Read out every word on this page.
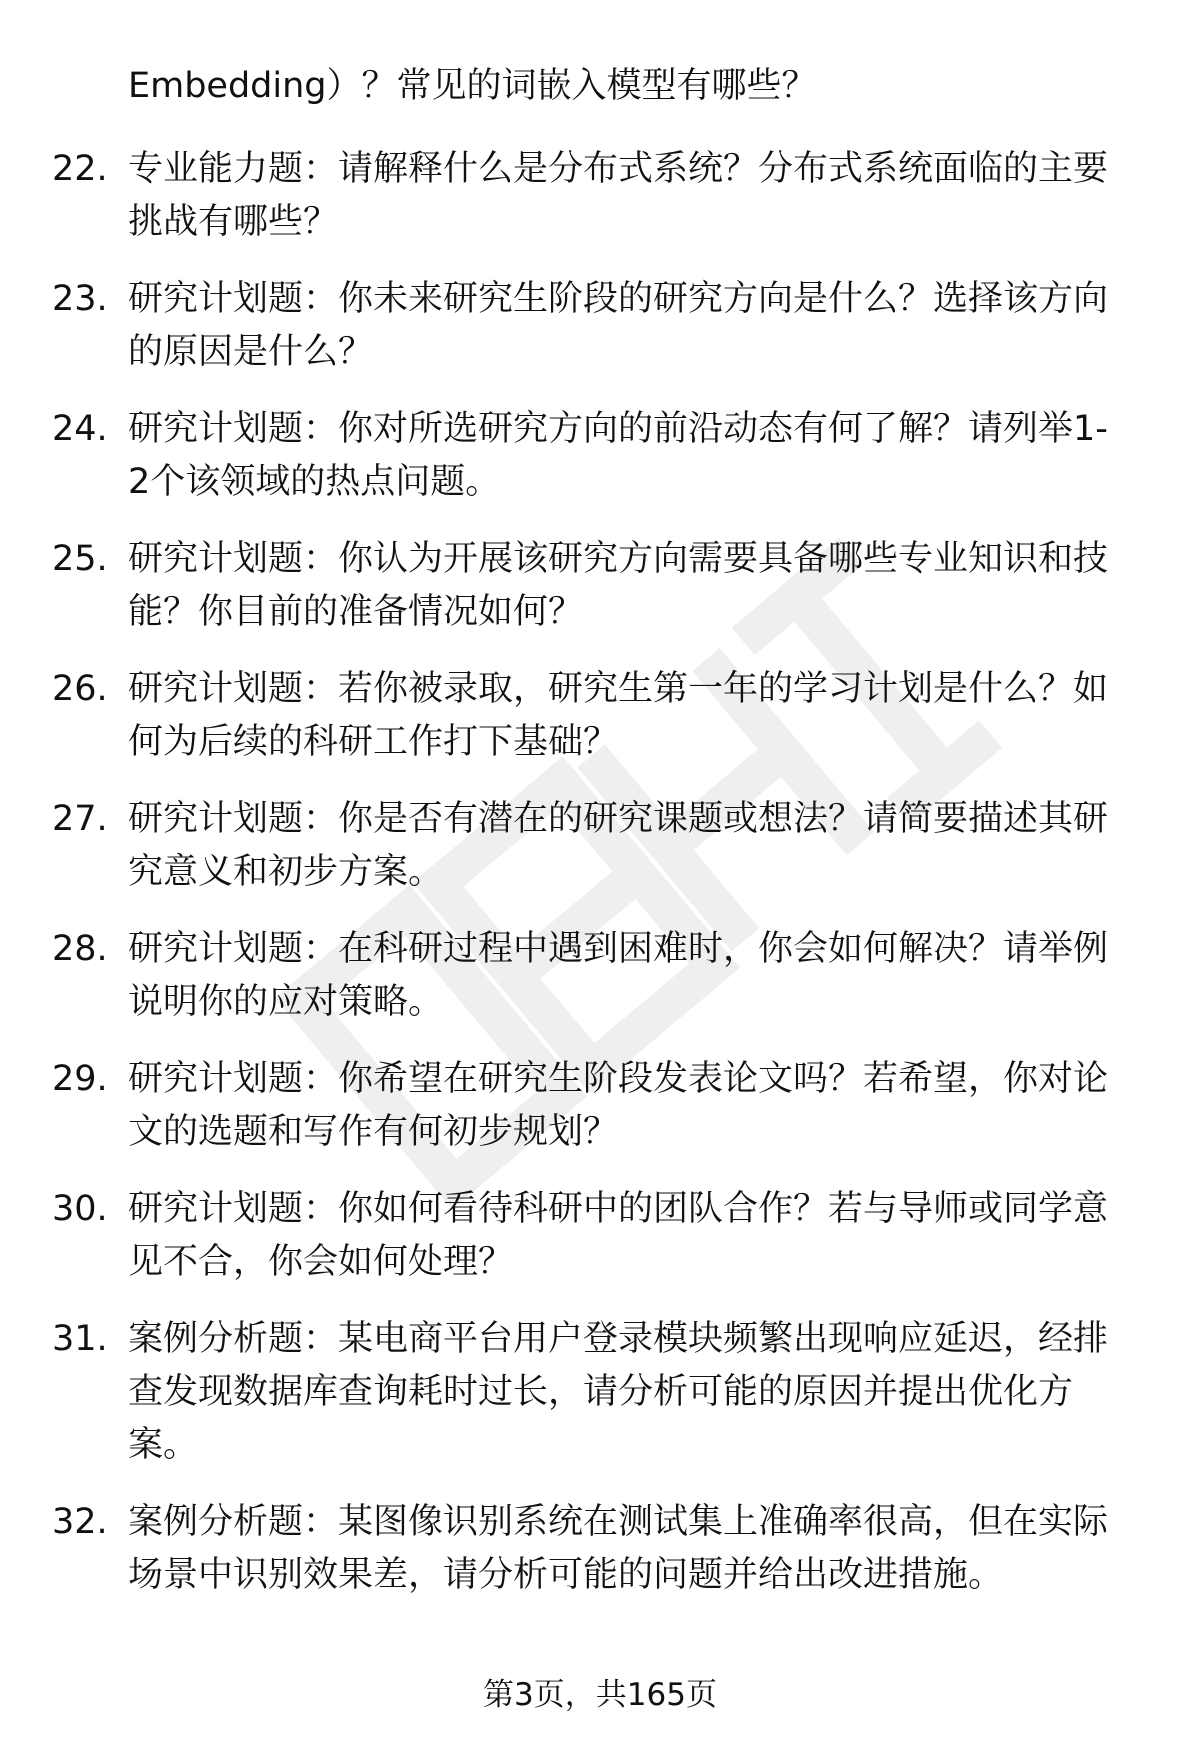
Embedding）？常见的词嵌入模型有哪些？
22. 专业能力题：请解释什么是分布式系统？分布式系统面临的主要
挑战有哪些？
23. 研究计划题：你未来研究生阶段的研究方向是什么？选择该方向
的原因是什么？
24. 研究计划题：你对所选研究方向的前沿动态有何了解？请列举1-
2个该领域的热点问题。
25. 研究计划题：你认为开展该研究方向需要具备哪些专业知识和技
能？你目前的准备情况如何？
26. 研究计划题：若你被录取，研究生第一年的学习计划是什么？如
何为后续的科研工作打下基础？
27. 研究计划题：你是否有潜在的研究课题或想法？请简要描述其研
究意义和初步方案。
28. 研究计划题：在科研过程中遇到困难时，你会如何解决？请举例
说明你的应对策略。
29. 研究计划题：你希望在研究生阶段发表论文吗？若希望，你对论
文的选题和写作有何初步规划？
30. 研究计划题：你如何看待科研中的团队合作？若与导师或同学意
见不合，你会如何处理？
31. 案例分析题：某电商平台用户登录模块频繁出现响应延迟，经排
查发现数据库查询耗时过长，请分析可能的原因并提出优化方
案。
32. 案例分析题：某图像识别系统在测试集上准确率很高，但在实际
场景中识别效果差，请分析可能的问题并给出改进措施。
第3页，共165页
